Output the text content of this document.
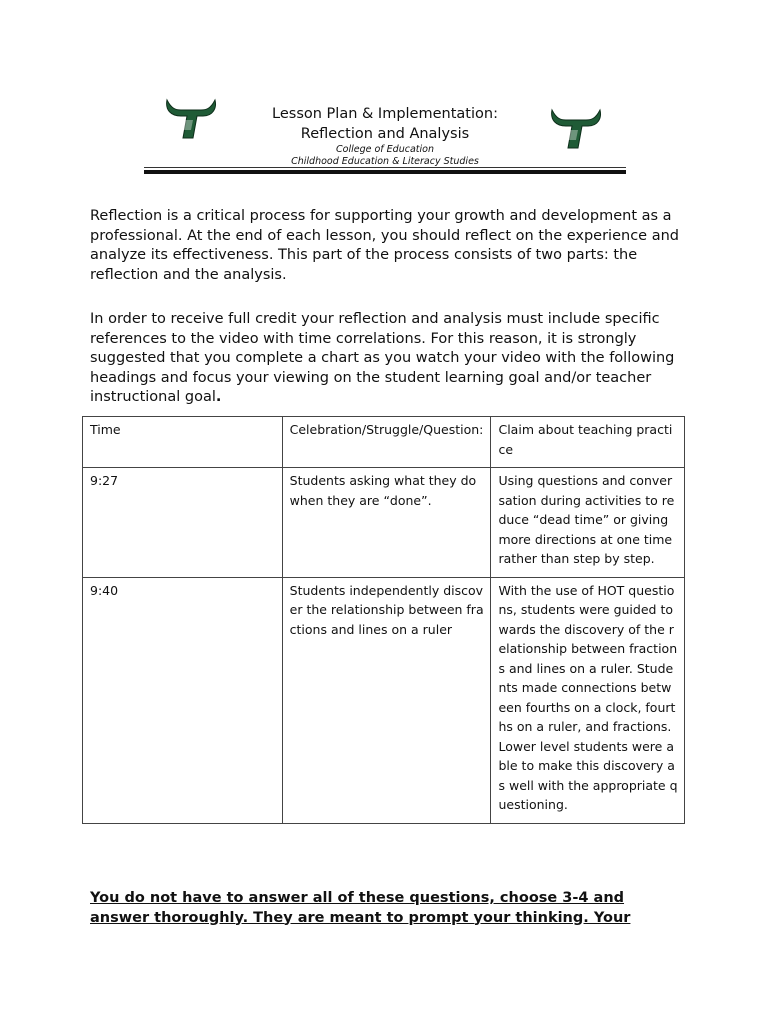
Lesson Plan & Implementation:
Reflection and Analysis
College of Education
Childhood Education & Literacy Studies

Reflection is a critical process for supporting your growth and development as a professional. At the end of each lesson, you should reflect on the experience and analyze its effectiveness. This part of the process consists of two parts: the reflection and the analysis.

In order to receive full credit your reflection and analysis must include specific references to the video with time correlations. For this reason, it is strongly suggested that you complete a chart as you watch your video with the following headings and focus your viewing on the student learning goal and/or teacher instructional goal.

Time	Celebration/Struggle/Question:	Claim about teaching practice
9:27	Students asking what they do when they are “done”.	Using questions and conversation during activities to reduce “dead time” or giving more directions at one time rather than step by step.
9:40	Students independently discover the relationship between fractions and lines on a ruler	With the use of HOT questions, students were guided towards the discovery of the relationship between fractions and lines on a ruler. Students made connections between fourths on a clock, fourths on a ruler, and fractions. Lower level students were able to make this discovery as well with the appropriate questioning.
You do not have to answer all of these questions, choose 3-4 and answer thoroughly. They are meant to prompt your thinking. Your
